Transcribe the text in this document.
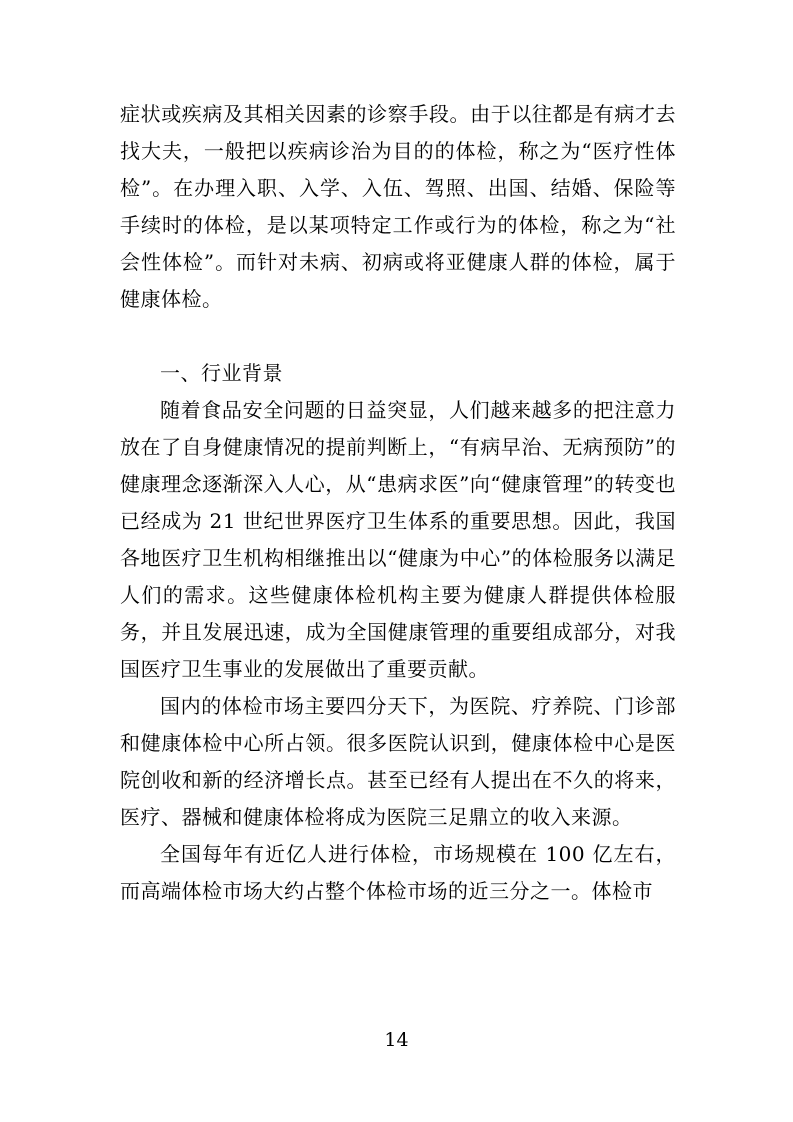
症状或疾病及其相关因素的诊察手段。由于以往都是有病才去找大夫，一般把以疾病诊治为目的的体检，称之为“医疗性体检”。在办理入职、入学、入伍、驾照、出国、结婚、保险等手续时的体检，是以某项特定工作或行为的体检，称之为“社会性体检”。而针对未病、初病或将亚健康人群的体检，属于健康体检。

一、行业背景

随着食品安全问题的日益突显，人们越来越多的把注意力放在了自身健康情况的提前判断上，“有病早治、无病预防”的健康理念逐渐深入人心，从“患病求医”向“健康管理”的转变也已经成为 21 世纪世界医疗卫生体系的重要思想。因此，我国各地医疗卫生机构相继推出以“健康为中心”的体检服务以满足人们的需求。这些健康体检机构主要为健康人群提供体检服务，并且发展迅速，成为全国健康管理的重要组成部分，对我国医疗卫生事业的发展做出了重要贡献。

国内的体检市场主要四分天下，为医院、疗养院、门诊部和健康体检中心所占领。很多医院认识到，健康体检中心是医院创收和新的经济增长点。甚至已经有人提出在不久的将来，医疗、器械和健康体检将成为医院三足鼎立的收入来源。

全国每年有近亿人进行体检，市场规模在 100 亿左右，而高端体检市场大约占整个体检市场的近三分之一。体检市

14
